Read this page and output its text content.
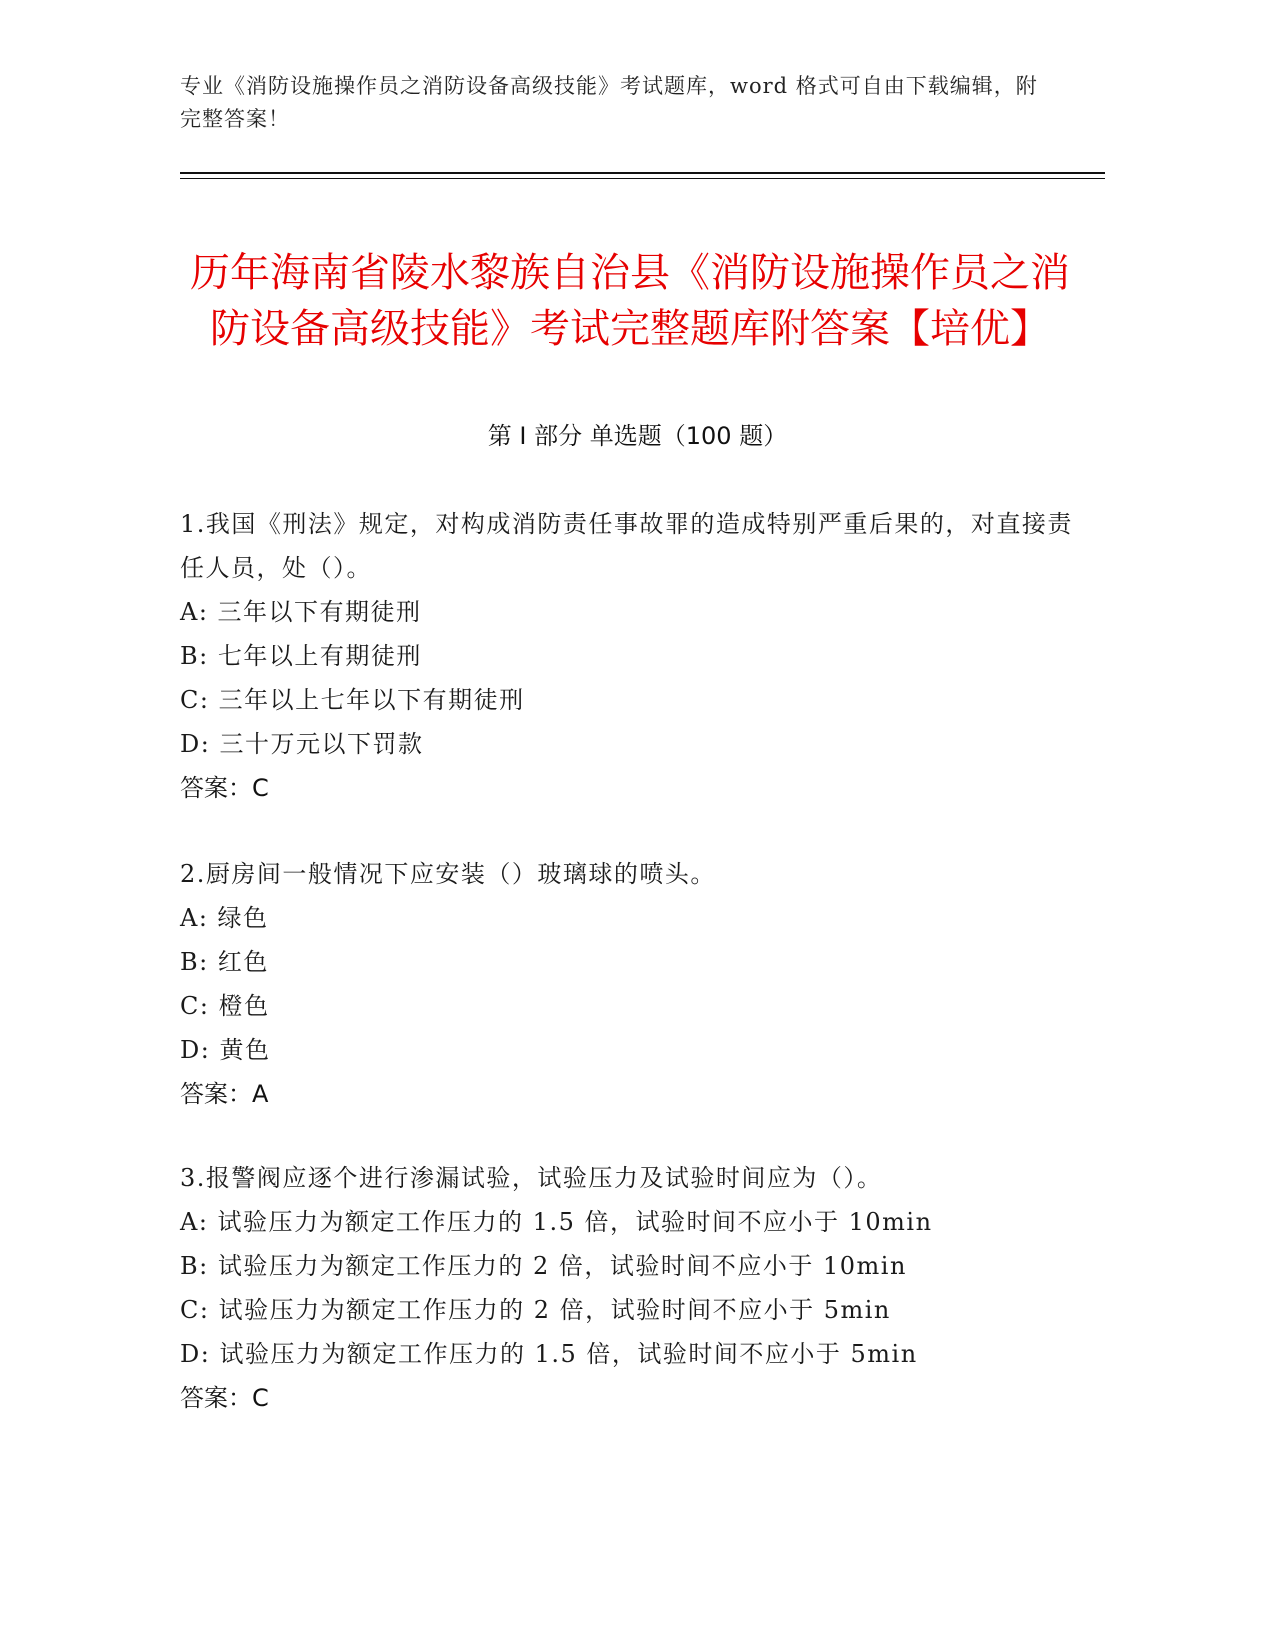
专业《消防设施操作员之消防设备高级技能》考试题库，word 格式可自由下载编辑，附完整答案！
历年海南省陵水黎族自治县《消防设施操作员之消防设备高级技能》考试完整题库附答案【培优】
第 I 部分 单选题（100 题）

1.我国《刑法》规定，对构成消防责任事故罪的造成特别严重后果的，对直接责任人员，处（）。

A: 三年以下有期徒刑

B: 七年以上有期徒刑

C: 三年以上七年以下有期徒刑

D: 三十万元以下罚款

答案：C

2.厨房间一般情况下应安装（）玻璃球的喷头。

A: 绿色

B: 红色

C: 橙色

D: 黄色

答案：A

3.报警阀应逐个进行渗漏试验，试验压力及试验时间应为（）。

A: 试验压力为额定工作压力的 1.5 倍，试验时间不应小于 10min

B: 试验压力为额定工作压力的 2 倍，试验时间不应小于 10min

C: 试验压力为额定工作压力的 2 倍，试验时间不应小于 5min

D: 试验压力为额定工作压力的 1.5 倍，试验时间不应小于 5min

答案：C
